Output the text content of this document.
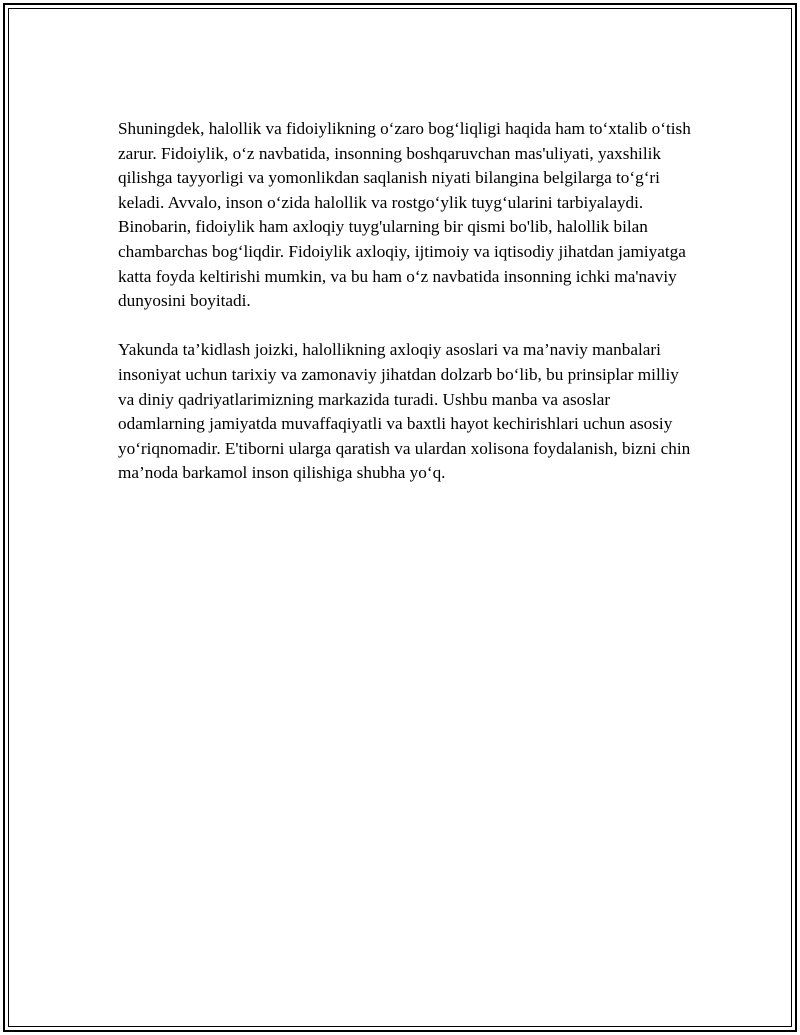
Shuningdek, halollik va fidoiylikning o‘zaro bog‘liqligi haqida ham to‘xtalib o‘tish zarur. Fidoiylik, o‘z navbatida, insonning boshqaruvchan mas'uliyati, yaxshilik qilishga tayyorligi va yomonlikdan saqlanish niyati bilangina belgilarga to‘g‘ri keladi. Avvalo, inson o‘zida halollik va rostgo‘ylik tuyg‘ularini tarbiyalaydi. Binobarin, fidoiylik ham axloqiy tuyg'ularning bir qismi bo'lib, halollik bilan chambarchas bog‘liqdir. Fidoiylik axloqiy, ijtimoiy va iqtisodiy jihatdan jamiyatga katta foyda keltirishi mumkin, va bu ham o‘z navbatida insonning ichki ma'naviy dunyosini boyitadi.

Yakunda ta’kidlash joizki, halollikning axloqiy asoslari va ma’naviy manbalari insoniyat uchun tarixiy va zamonaviy jihatdan dolzarb bo‘lib, bu prinsiplar milliy va diniy qadriyatlarimizning markazida turadi. Ushbu manba va asoslar odamlarning jamiyatda muvaffaqiyatli va baxtli hayot kechirishlari uchun asosiy yo‘riqnomadir. E'tiborni ularga qaratish va ulardan xolisona foydalanish, bizni chin ma’noda barkamol inson qilishiga shubha yo‘q.
